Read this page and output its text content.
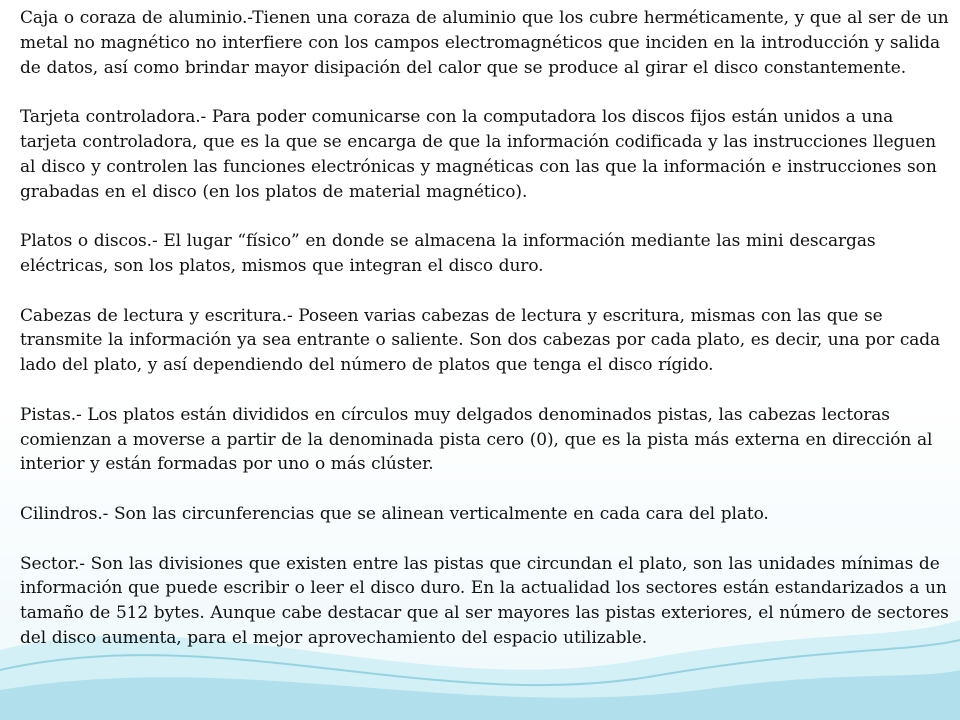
Caja o coraza de aluminio.-Tienen una coraza de aluminio que los cubre herméticamente, y que al ser de un metal no magnético no interfiere con los campos electromagnéticos que inciden en la introducción y salida de datos, así como brindar mayor disipación del calor que se produce al girar el disco constantemente.

Tarjeta controladora.- Para poder comunicarse con la computadora los discos fijos están unidos a una tarjeta controladora, que es la que se encarga de que la información codificada y las instrucciones lleguen al disco y controlen las funciones electrónicas y magnéticas con las que la información e instrucciones son grabadas en el disco (en los platos de material magnético).

Platos o discos.- El lugar “físico” en donde se almacena la información mediante las mini descargas eléctricas, son los platos, mismos que integran el disco duro.

Cabezas de lectura y escritura.- Poseen varias cabezas de lectura y escritura, mismas con las que se transmite la información ya sea entrante o saliente. Son dos cabezas por cada plato, es decir, una por cada lado del plato, y así dependiendo del número de platos que tenga el disco rígido.

Pistas.- Los platos están divididos en círculos muy delgados denominados pistas, las cabezas lectoras comienzan a moverse a partir de la denominada pista cero (0), que es la pista más externa en dirección al interior y están formadas por uno o más clúster.

Cilindros.- Son las circunferencias que se alinean verticalmente en cada cara del plato.

Sector.- Son las divisiones que existen entre las pistas que circundan el plato, son las unidades mínimas de información que puede escribir o leer el disco duro. En la actualidad los sectores están estandarizados a un tamaño de 512 bytes. Aunque cabe destacar que al ser mayores las pistas exteriores, el número de sectores del disco aumenta, para el mejor aprovechamiento del espacio utilizable.
